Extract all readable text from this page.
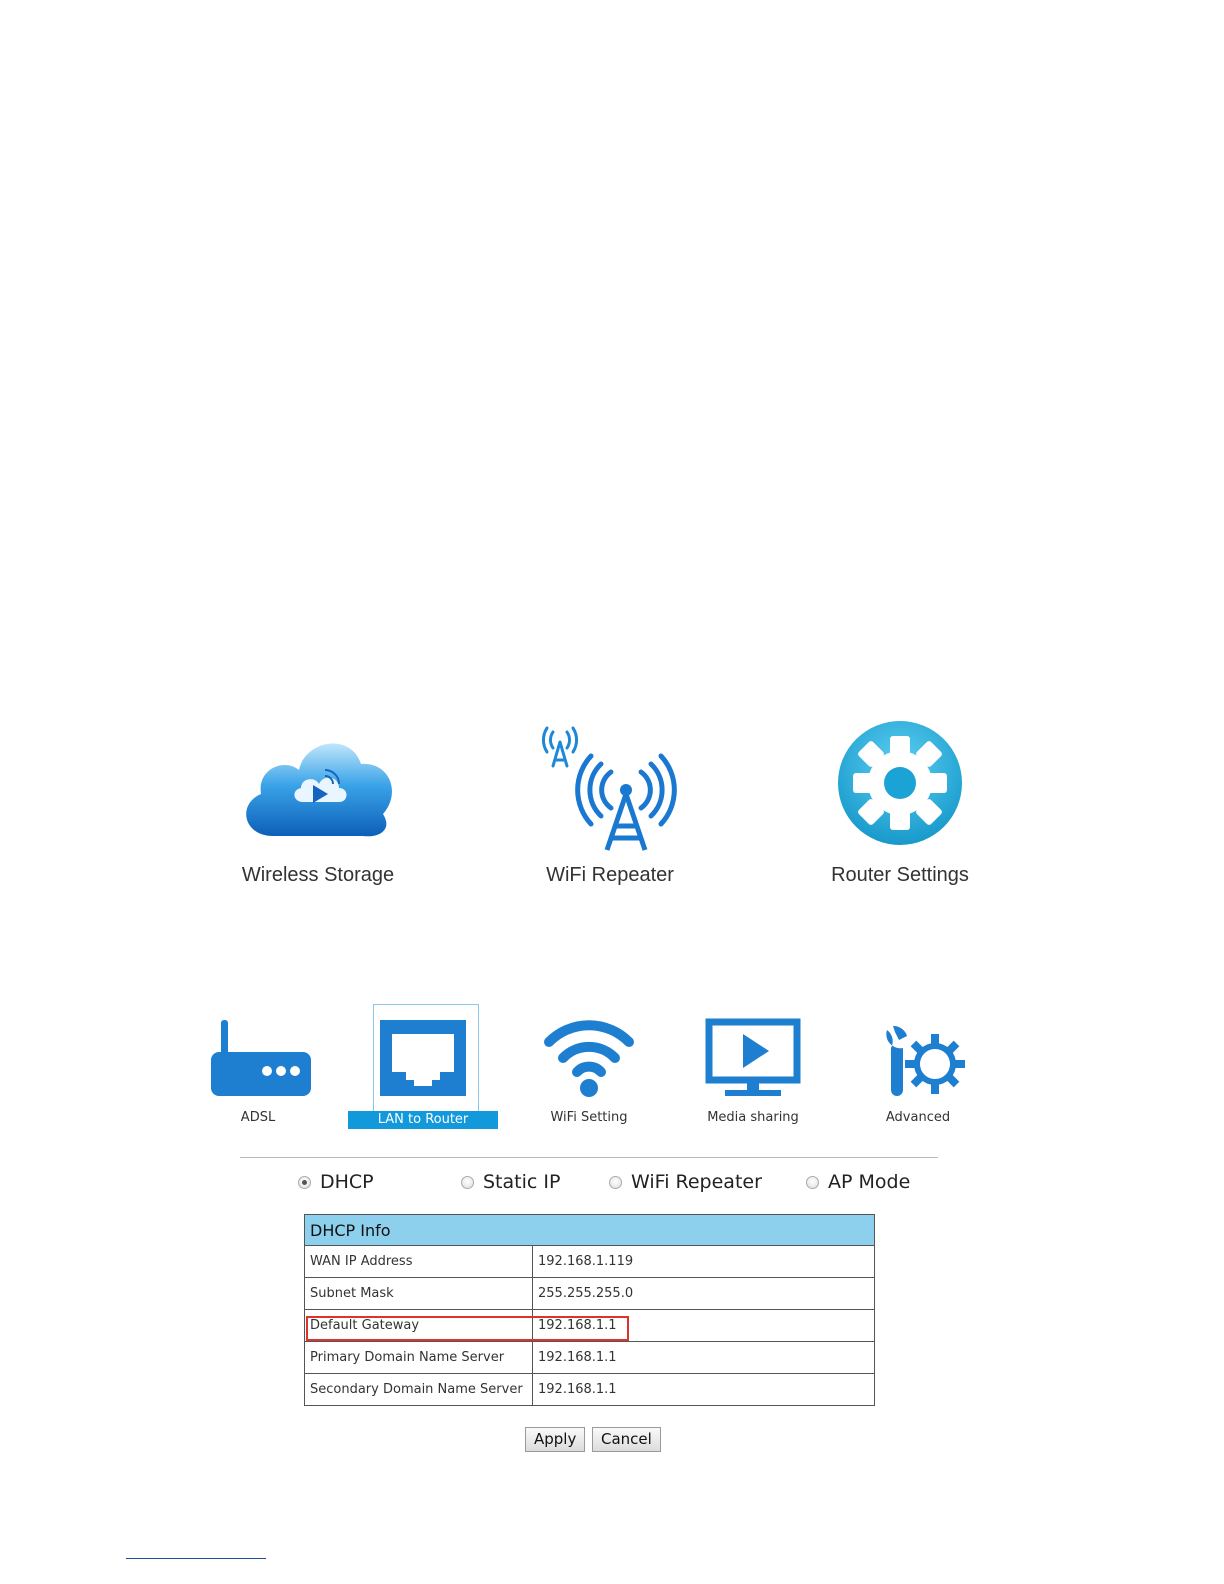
Wireless Storage	WiFi Repeater	Router Settings
ADSL	LAN to Router	WiFi Setting	Media sharing	Advanced
DHCP	Static IP	WiFi Repeater	AP Mode
DHCP Info	
WAN IP Address	192.168.1.119
Subnet Mask	255.255.255.0
Default Gateway	192.168.1.1
Primary Domain Name Server	192.168.1.1
Secondary Domain Name Server	192.168.1.1
Apply	Cancel
